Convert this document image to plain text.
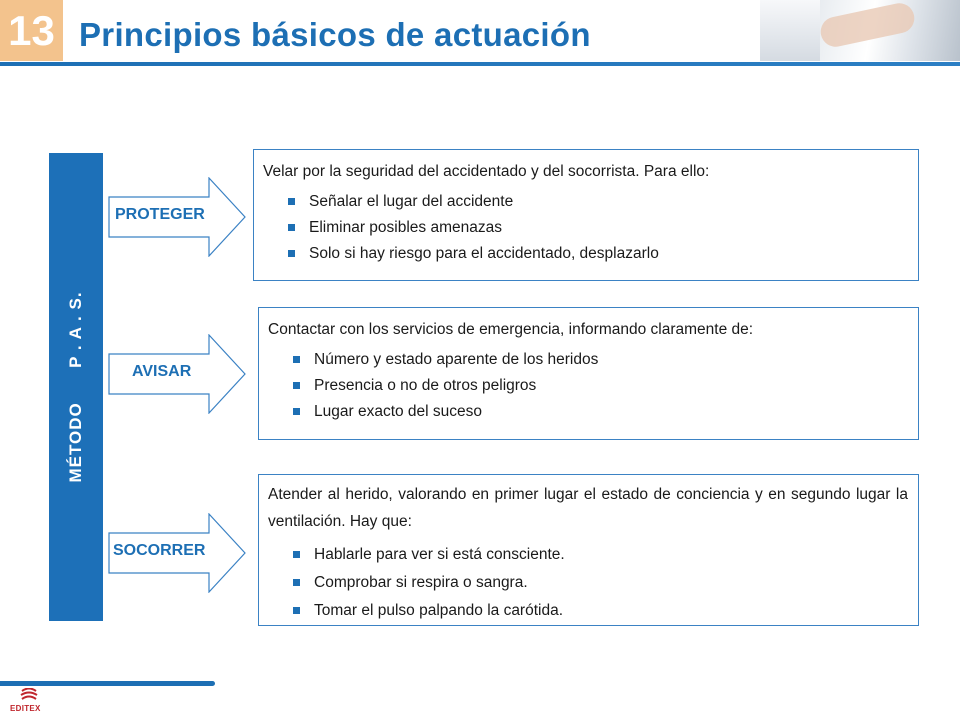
13 Principios básicos de actuación
MÉTODO      P . A . S.
PROTEGER
AVISAR
SOCORRER

Velar por la seguridad del accidentado y del socorrista. Para ello:

Señalar el lugar del accidente
Eliminar posibles amenazas
Solo si hay riesgo para el accidentado, desplazarlo

Contactar con los servicios de emergencia, informando claramente de:

Número y estado aparente de los heridos
Presencia o no de otros peligros
Lugar exacto del suceso

Atender al herido, valorando en primer lugar el estado de conciencia y en segundo lugar la ventilación. Hay que:

Hablarle para ver si está consciente.
Comprobar si respira o sangra.
Tomar el pulso palpando la carótida.
EDITEX
